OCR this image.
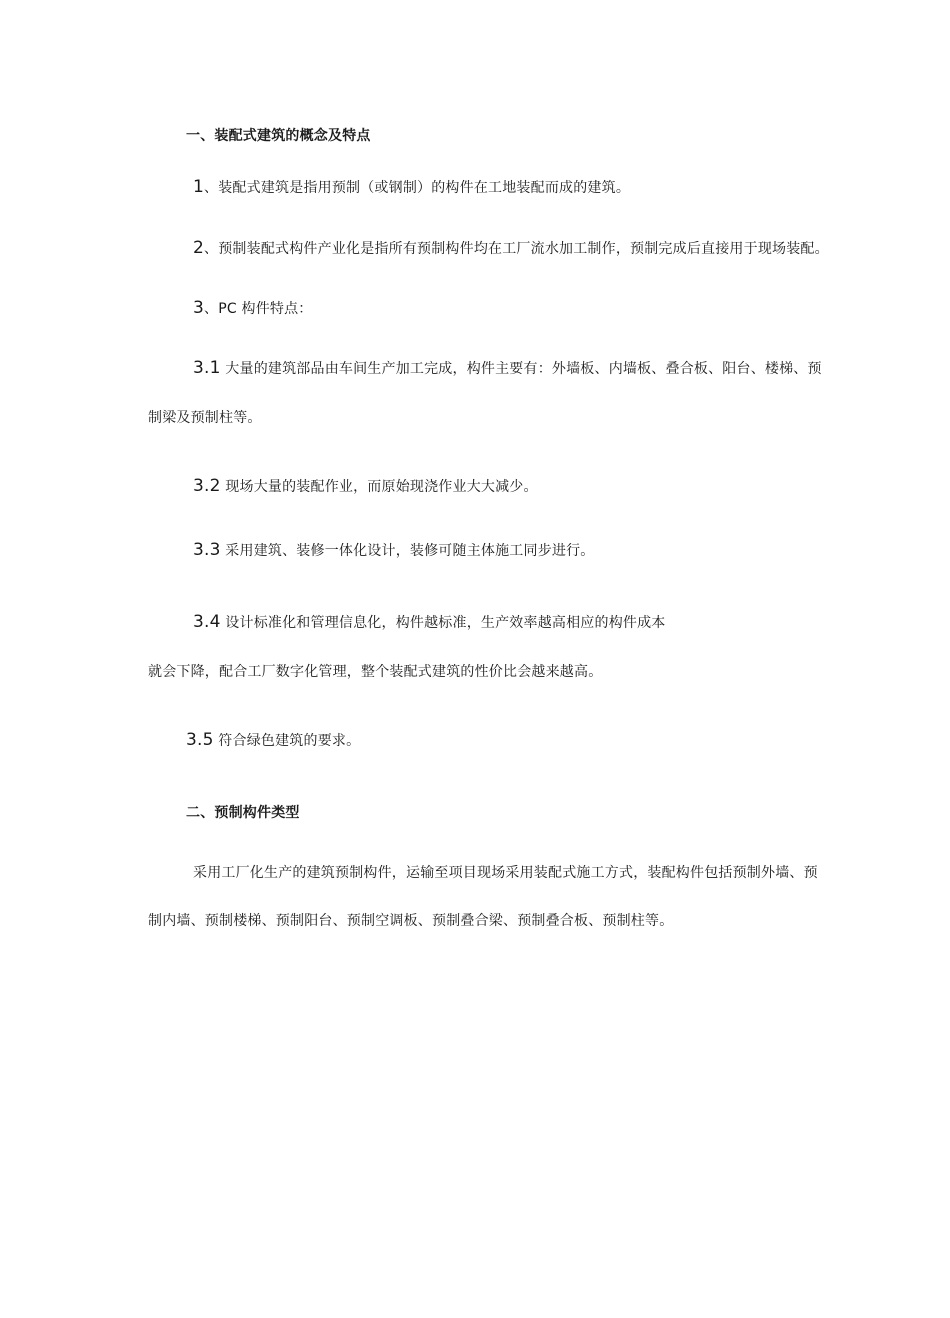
一、装配式建筑的概念及特点
1、装配式建筑是指用预制（或钢制）的构件在工地装配而成的建筑。
2、预制装配式构件产业化是指所有预制构件均在工厂流水加工制作，预制完成后直接用于现场装配。
3、PC 构件特点：
3.1 大量的建筑部品由车间生产加工完成，构件主要有：外墙板、内墙板、叠合板、阳台、楼梯、预
制梁及预制柱等。
3.2 现场大量的装配作业，而原始现浇作业大大减少。
3.3 采用建筑、装修一体化设计，装修可随主体施工同步进行。
3.4 设计标准化和管理信息化，构件越标准，生产效率越高相应的构件成本
就会下降，配合工厂数字化管理，整个装配式建筑的性价比会越来越高。
3.5 符合绿色建筑的要求。
二、预制构件类型
采用工厂化生产的建筑预制构件，运输至项目现场采用装配式施工方式，装配构件包括预制外墙、预
制内墙、预制楼梯、预制阳台、预制空调板、预制叠合梁、预制叠合板、预制柱等。
